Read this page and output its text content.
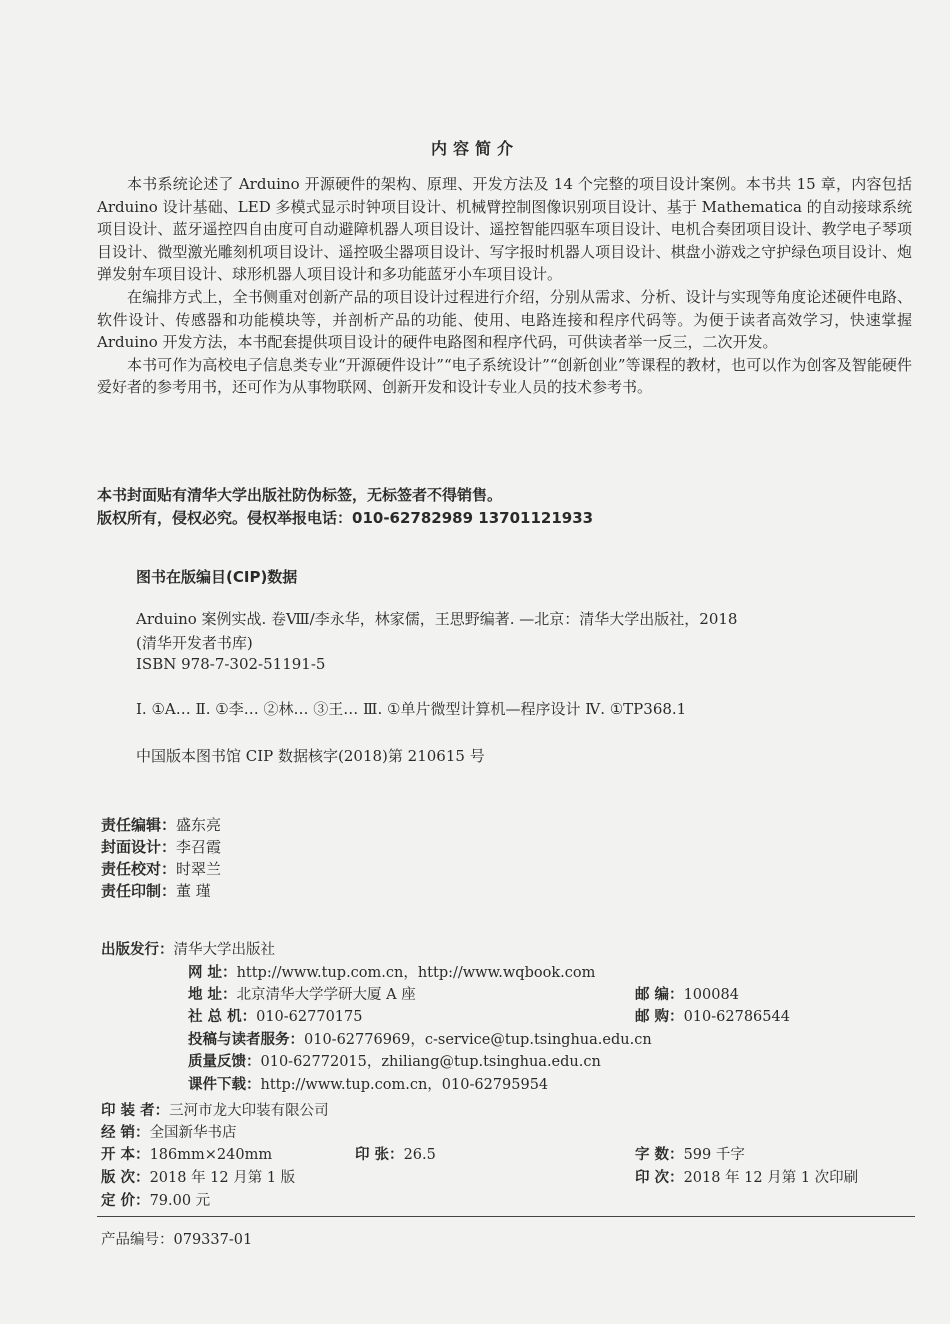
内容简介

本书系统论述了 Arduino 开源硬件的架构、原理、开发方法及 14 个完整的项目设计案例。本书共 15 章，内容包括 Arduino 设计基础、LED 多模式显示时钟项目设计、机械臂控制图像识别项目设计、基于 Mathematica 的自动接球系统项目设计、蓝牙遥控四自由度可自动避障机器人项目设计、遥控智能四驱车项目设计、电机合奏团项目设计、教学电子琴项目设计、微型激光雕刻机项目设计、遥控吸尘器项目设计、写字报时机器人项目设计、棋盘小游戏之守护绿色项目设计、炮弹发射车项目设计、球形机器人项目设计和多功能蓝牙小车项目设计。

在编排方式上，全书侧重对创新产品的项目设计过程进行介绍，分别从需求、分析、设计与实现等角度论述硬件电路、软件设计、传感器和功能模块等，并剖析产品的功能、使用、电路连接和程序代码等。为便于读者高效学习，快速掌握 Arduino 开发方法，本书配套提供项目设计的硬件电路图和程序代码，可供读者举一反三，二次开发。

本书可作为高校电子信息类专业“开源硬件设计”“电子系统设计”“创新创业”等课程的教材，也可以作为创客及智能硬件爱好者的参考用书，还可作为从事物联网、创新开发和设计专业人员的技术参考书。

本书封面贴有清华大学出版社防伪标签，无标签者不得销售。
版权所有，侵权必究。侵权举报电话：010-62782989 13701121933
图书在版编目(CIP)数据
Arduino 案例实战. 卷Ⅷ/李永华，林家儒，王思野编著. —北京：清华大学出版社，2018
(清华开发者书库)
ISBN 978-7-302-51191-5
Ⅰ. ①A… Ⅱ. ①李… ②林… ③王… Ⅲ. ①单片微型计算机—程序设计 Ⅳ. ①TP368.1
中国版本图书馆 CIP 数据核字(2018)第 210615 号
责任编辑：盛东亮
封面设计：李召霞
责任校对：时翠兰
责任印制：董 瑾
出版发行：清华大学出版社
网 址：http://www.tup.com.cn，http://www.wqbook.com
地 址：北京清华大学学研大厦 A 座	邮 编：100084
社 总 机：010-62770175	邮 购：010-62786544
投稿与读者服务：010-62776969，c-service@tup.tsinghua.edu.cn
质量反馈：010-62772015，zhiliang@tup.tsinghua.edu.cn
课件下载：http://www.tup.com.cn，010-62795954
印 装 者：三河市龙大印装有限公司
经 销：全国新华书店
开 本：186mm×240mm	印 张：26.5	字 数：599 千字
版 次：2018 年 12 月第 1 版	印 次：2018 年 12 月第 1 次印刷
定 价：79.00 元
产品编号：079337-01
